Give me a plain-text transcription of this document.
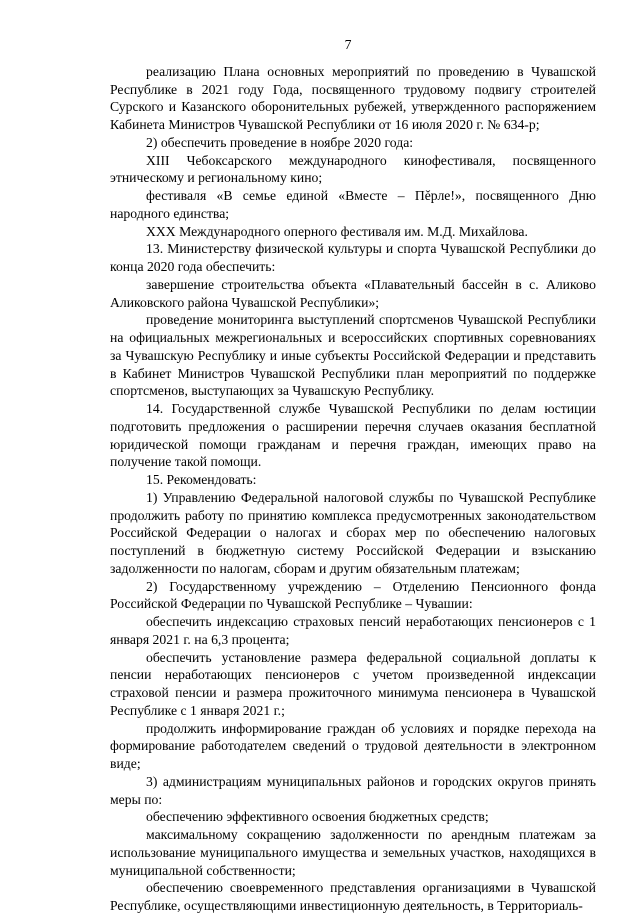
7

реализацию Плана основных мероприятий по проведению в Чувашской Республике в 2021 году Года, посвященного трудовому подвигу строителей Сурского и Казанского оборонительных рубежей, утвержденного распоряжением Кабинета Министров Чувашской Республики от 16 июля 2020 г. № 634-р;

2) обеспечить проведение в ноябре 2020 года:

XIII Чебоксарского международного кинофестиваля, посвященного этническому и региональному кино;

фестиваля «В семье единой «Вместе – Пěрле!», посвященного Дню народного единства;

XXX Международного оперного фестиваля им. М.Д. Михайлова.

13. Министерству физической культуры и спорта Чувашской Республики до конца 2020 года обеспечить:

завершение строительства объекта «Плавательный бассейн в с. Аликово Аликовского района Чувашской Республики»;

проведение мониторинга выступлений спортсменов Чувашской Республики на официальных межрегиональных и всероссийских спортивных соревнованиях за Чувашскую Республику и иные субъекты Российской Федерации и представить в Кабинет Министров Чувашской Республики план мероприятий по поддержке спортсменов, выступающих за Чувашскую Республику.

14. Государственной службе Чувашской Республики по делам юстиции подготовить предложения о расширении перечня случаев оказания бесплатной юридической помощи гражданам и перечня граждан, имеющих право на получение такой помощи.

15. Рекомендовать:

1) Управлению Федеральной налоговой службы по Чувашской Республике продолжить работу по принятию комплекса предусмотренных законодательством Российской Федерации о налогах и сборах мер по обеспечению налоговых поступлений в бюджетную систему Российской Федерации и взысканию задолженности по налогам, сборам и другим обязательным платежам;

2) Государственному учреждению – Отделению Пенсионного фонда Российской Федерации по Чувашской Республике – Чувашии:

обеспечить индексацию страховых пенсий неработающих пенсионеров с 1 января 2021 г. на 6,3 процента;

обеспечить установление размера федеральной социальной доплаты к пенсии неработающих пенсионеров с учетом произведенной индексации страховой пенсии и размера прожиточного минимума пенсионера в Чувашской Республике с 1 января 2021 г.;

продолжить информирование граждан об условиях и порядке перехода на формирование работодателем сведений о трудовой деятельности в электронном виде;

3) администрациям муниципальных районов и городских округов принять меры по:

обеспечению эффективного освоения бюджетных средств;

максимальному сокращению задолженности по арендным платежам за использование муниципального имущества и земельных участков, находящихся в муниципальной собственности;

обеспечению своевременного представления организациями в Чувашской Республике, осуществляющими инвестиционную деятельность, в Территориаль-
